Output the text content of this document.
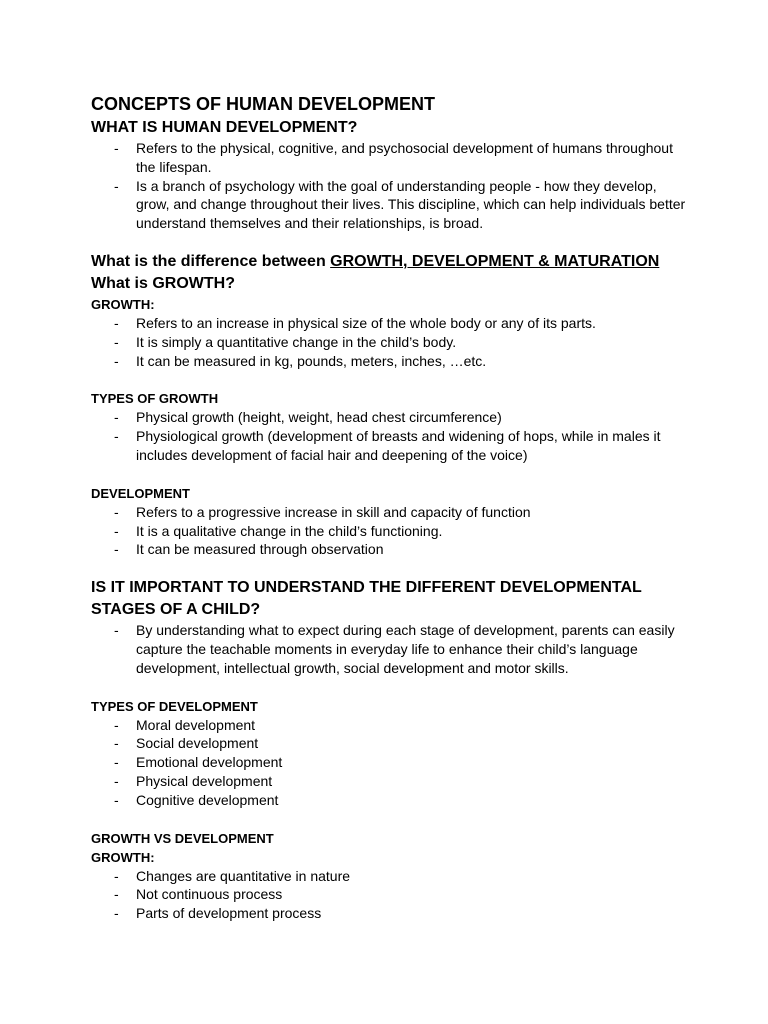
CONCEPTS OF HUMAN DEVELOPMENT
WHAT IS HUMAN DEVELOPMENT?
- Refers to the physical, cognitive, and psychosocial development of humans throughout the lifespan.
- Is a branch of psychology with the goal of understanding people - how they develop, grow, and change throughout their lives. This discipline, which can help individuals better understand themselves and their relationships, is broad.
What is the difference between GROWTH, DEVELOPMENT & MATURATION
What is GROWTH?
GROWTH:
- Refers to an increase in physical size of the whole body or any of its parts.
- It is simply a quantitative change in the child’s body.
- It can be measured in kg, pounds, meters, inches, …etc.
TYPES OF GROWTH
- Physical growth (height, weight, head chest circumference)
- Physiological growth (development of breasts and widening of hops, while in males it includes development of facial hair and deepening of the voice)
DEVELOPMENT
- Refers to a progressive increase in skill and capacity of function
- It is a qualitative change in the child’s functioning.
- It can be measured through observation
IS IT IMPORTANT TO UNDERSTAND THE DIFFERENT DEVELOPMENTAL STAGES OF A CHILD?
- By understanding what to expect during each stage of development, parents can easily capture the teachable moments in everyday life to enhance their child’s language development, intellectual growth, social development and motor skills.
TYPES OF DEVELOPMENT
- Moral development
- Social development
- Emotional development
- Physical development
- Cognitive development
GROWTH VS DEVELOPMENT
GROWTH:
- Changes are quantitative in nature
- Not continuous process
- Parts of development process
